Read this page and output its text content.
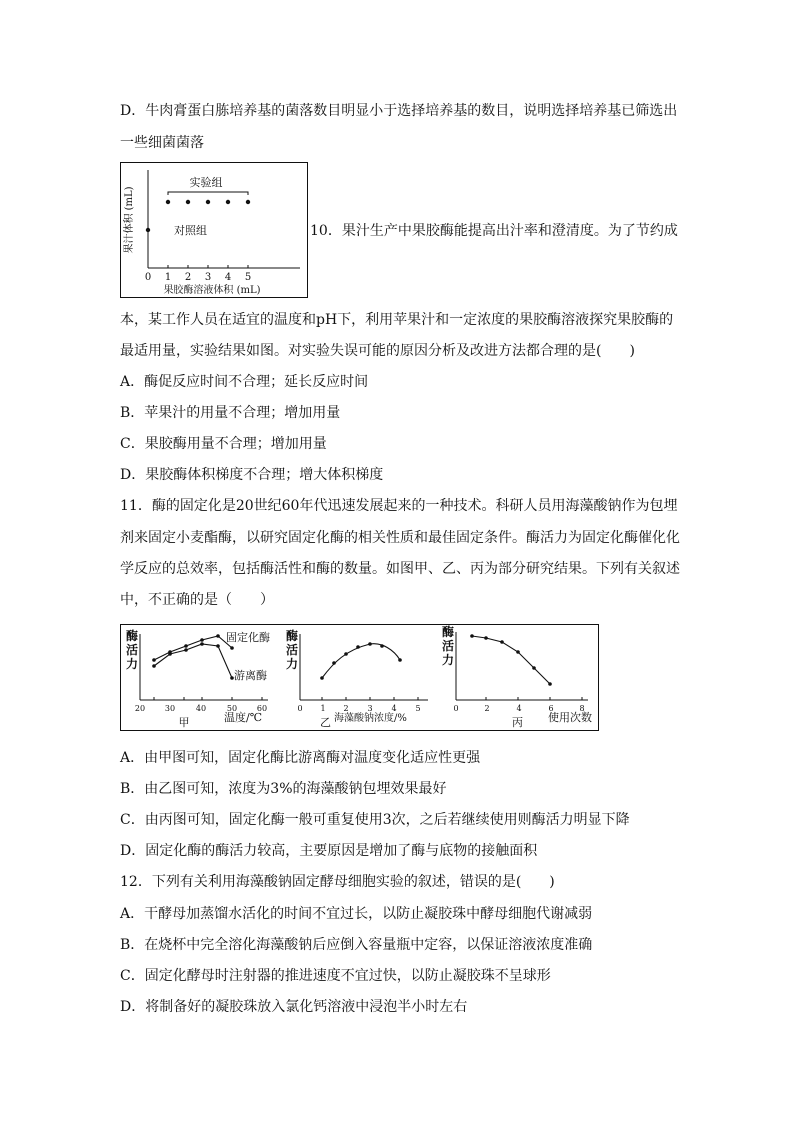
D．牛肉膏蛋白胨培养基的菌落数目明显小于选择培养基的数目，说明选择培养基已筛选出
一些细菌菌落
果汁体积 (mL)
实验组
对照组
0 1 2 3 4 5
果胶酶溶液体积 (mL)
10．果汁生产中果胶酶能提高出汁率和澄清度。为了节约成
本，某工作人员在适宜的温度和pH下，利用苹果汁和一定浓度的果胶酶溶液探究果胶酶的
最适用量，实验结果如图。对实验失误可能的原因分析及改进方法都合理的是(　　)
A．酶促反应时间不合理；延长反应时间
B．苹果汁的用量不合理；增加用量
C．果胶酶用量不合理；增加用量
D．果胶酶体积梯度不合理；增大体积梯度
11．酶的固定化是20世纪60年代迅速发展起来的一种技术。科研人员用海藻酸钠作为包埋
剂来固定小麦酯酶，以研究固定化酶的相关性质和最佳固定条件。酶活力为固定化酶催化化
学反应的总效率，包括酶活性和酶的数量。如图甲、乙、丙为部分研究结果。下列有关叙述
中，不正确的是（　　）
酶
活
力
20 30	40	50 60
固定化酶
游离酶
甲	温度/℃
酶
活
力
0 1 2 3 4 5
乙 海藻酸钠浓度/%
酶
活
力
0	2	4	6	8
丙 使用次数
A．由甲图可知，固定化酶比游离酶对温度变化适应性更强
B．由乙图可知，浓度为3%的海藻酸钠包埋效果最好
C．由丙图可知，固定化酶一般可重复使用3次，之后若继续使用则酶活力明显下降
D．固定化酶的酶活力较高，主要原因是增加了酶与底物的接触面积
12．下列有关利用海藻酸钠固定酵母细胞实验的叙述，错误的是(　　)
A．干酵母加蒸馏水活化的时间不宜过长，以防止凝胶珠中酵母细胞代谢减弱
B．在烧杯中完全溶化海藻酸钠后应倒入容量瓶中定容，以保证溶液浓度准确
C．固定化酵母时注射器的推进速度不宜过快，以防止凝胶珠不呈球形
D．将制备好的凝胶珠放入氯化钙溶液中浸泡半小时左右
